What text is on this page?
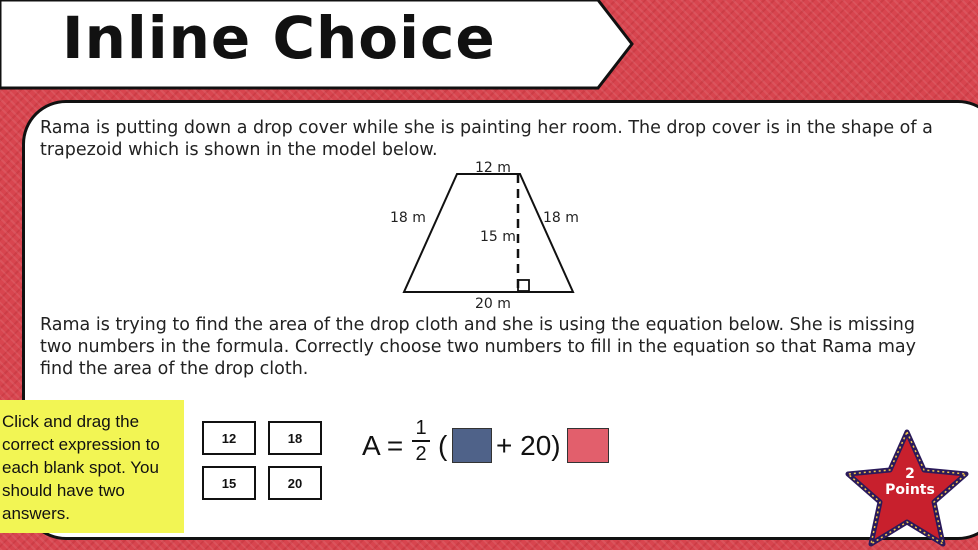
Inline Choice
Rama is putting down a drop cover while she is painting her room. The drop cover is in the shape of a trapezoid which is shown in the model below.
12 m
20 m
18 m	18 m
15 m
Rama is trying to find the area of the drop cloth and she is using the equation below. She is missing two numbers in the formula. Correctly choose two numbers to fill in the equation so that Rama may find the area of the drop cloth.
Click and drag the correct expression to each blank spot. You should have two answers.
12	18
15	20
A =
1
2 ( + 20)
2
Points
